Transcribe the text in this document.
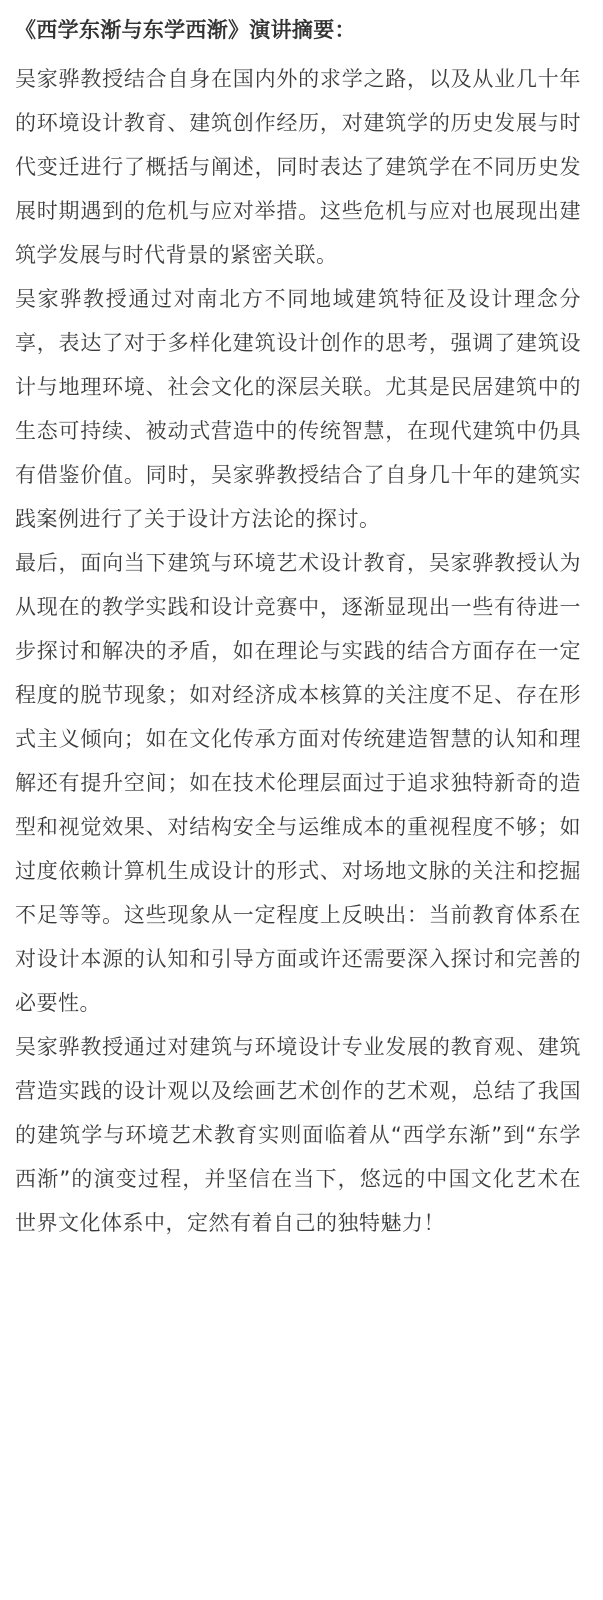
《西学东渐与东学西渐》演讲摘要：

吴家骅教授结合自身在国内外的求学之路，以及从业几十年的环境设计教育、建筑创作经历，对建筑学的历史发展与时代变迁进行了概括与阐述，同时表达了建筑学在不同历史发展时期遇到的危机与应对举措。这些危机与应对也展现出建筑学发展与时代背景的紧密关联。

吴家骅教授通过对南北方不同地域建筑特征及设计理念分享，表达了对于多样化建筑设计创作的思考，强调了建筑设计与地理环境、社会文化的深层关联。尤其是民居建筑中的生态可持续、被动式营造中的传统智慧，在现代建筑中仍具有借鉴价值。同时，吴家骅教授结合了自身几十年的建筑实践案例进行了关于设计方法论的探讨。

最后，面向当下建筑与环境艺术设计教育，吴家骅教授认为从现在的教学实践和设计竞赛中，逐渐显现出一些有待进一步探讨和解决的矛盾，如在理论与实践的结合方面存在一定程度的脱节现象；如对经济成本核算的关注度不足、存在形式主义倾向；如在文化传承方面对传统建造智慧的认知和理解还有提升空间；如在技术伦理层面过于追求独特新奇的造型和视觉效果、对结构安全与运维成本的重视程度不够；如过度依赖计算机生成设计的形式、对场地文脉的关注和挖掘不足等等。这些现象从一定程度上反映出：当前教育体系在对设计本源的认知和引导方面或许还需要深入探讨和完善的必要性。

吴家骅教授通过对建筑与环境设计专业发展的教育观、建筑营造实践的设计观以及绘画艺术创作的艺术观，总结了我国的建筑学与环境艺术教育实则面临着从“西学东渐”到“东学西渐”的演变过程，并坚信在当下，悠远的中国文化艺术在世界文化体系中，定然有着自己的独特魅力！
